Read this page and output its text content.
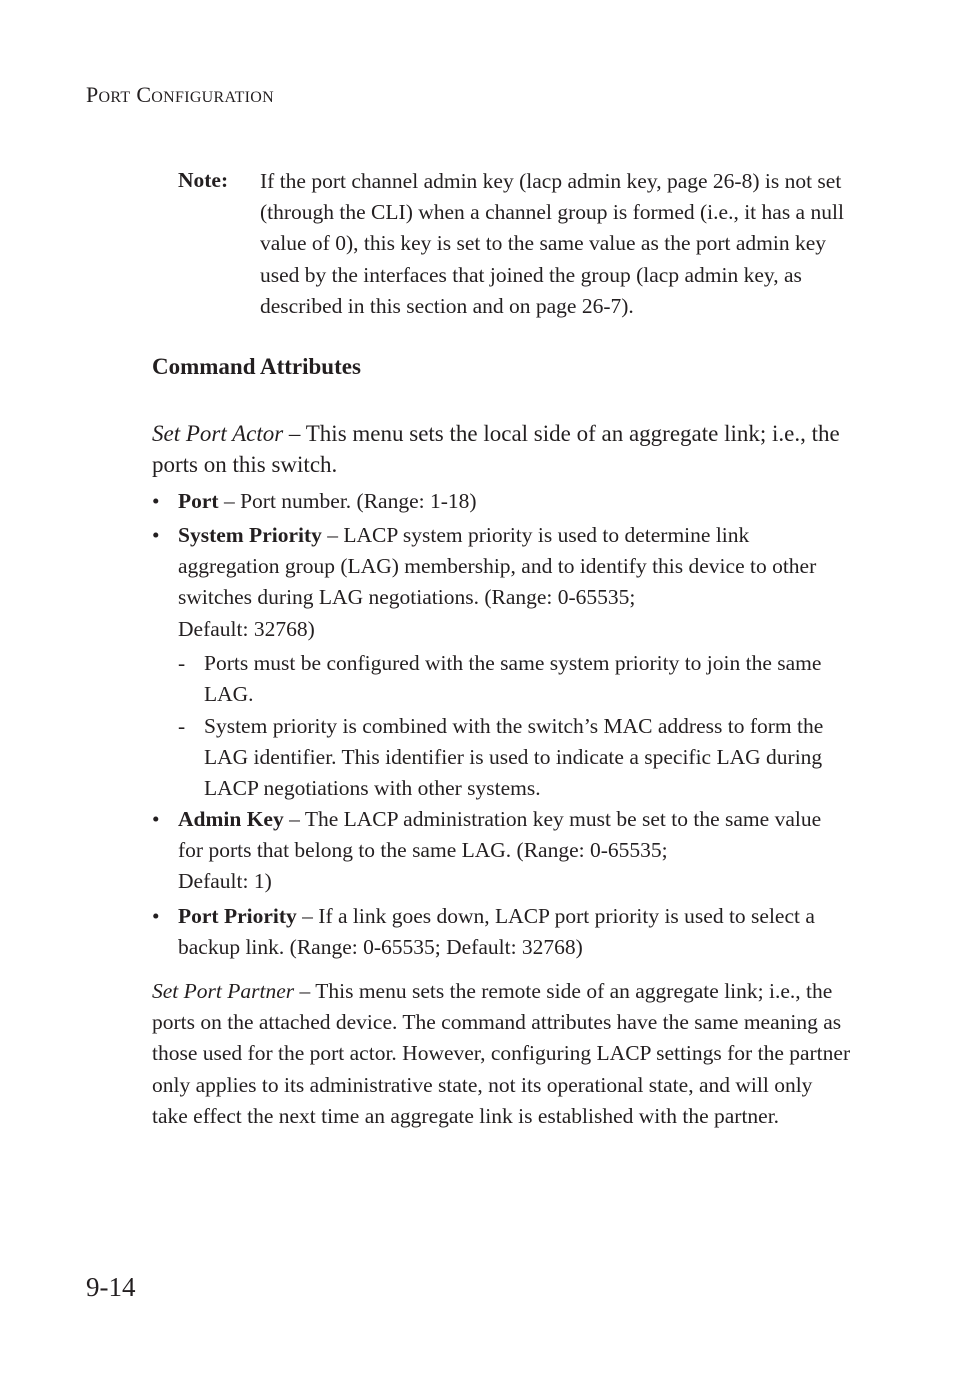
PORT CONFIGURATION
Note: If the port channel admin key (lacp admin key, page 26-8) is not set (through the CLI) when a channel group is formed (i.e., it has a null value of 0), this key is set to the same value as the port admin key used by the interfaces that joined the group (lacp admin key, as described in this section and on page 26-7).
Command Attributes
Set Port Actor – This menu sets the local side of an aggregate link; i.e., the ports on this switch.
• Port – Port number. (Range: 1-18)
• System Priority – LACP system priority is used to determine link aggregation group (LAG) membership, and to identify this device to other switches during LAG negotiations. (Range: 0-65535;
Default: 32768)
- Ports must be configured with the same system priority to join the same LAG.
- System priority is combined with the switch’s MAC address to form the LAG identifier. This identifier is used to indicate a specific LAG during LACP negotiations with other systems.
• Admin Key – The LACP administration key must be set to the same value for ports that belong to the same LAG. (Range: 0-65535;
Default: 1)
• Port Priority – If a link goes down, LACP port priority is used to select a backup link. (Range: 0-65535; Default: 32768)
Set Port Partner – This menu sets the remote side of an aggregate link; i.e., the ports on the attached device. The command attributes have the same meaning as those used for the port actor. However, configuring LACP settings for the partner only applies to its administrative state, not its operational state, and will only take effect the next time an aggregate link is established with the partner.
9-14
